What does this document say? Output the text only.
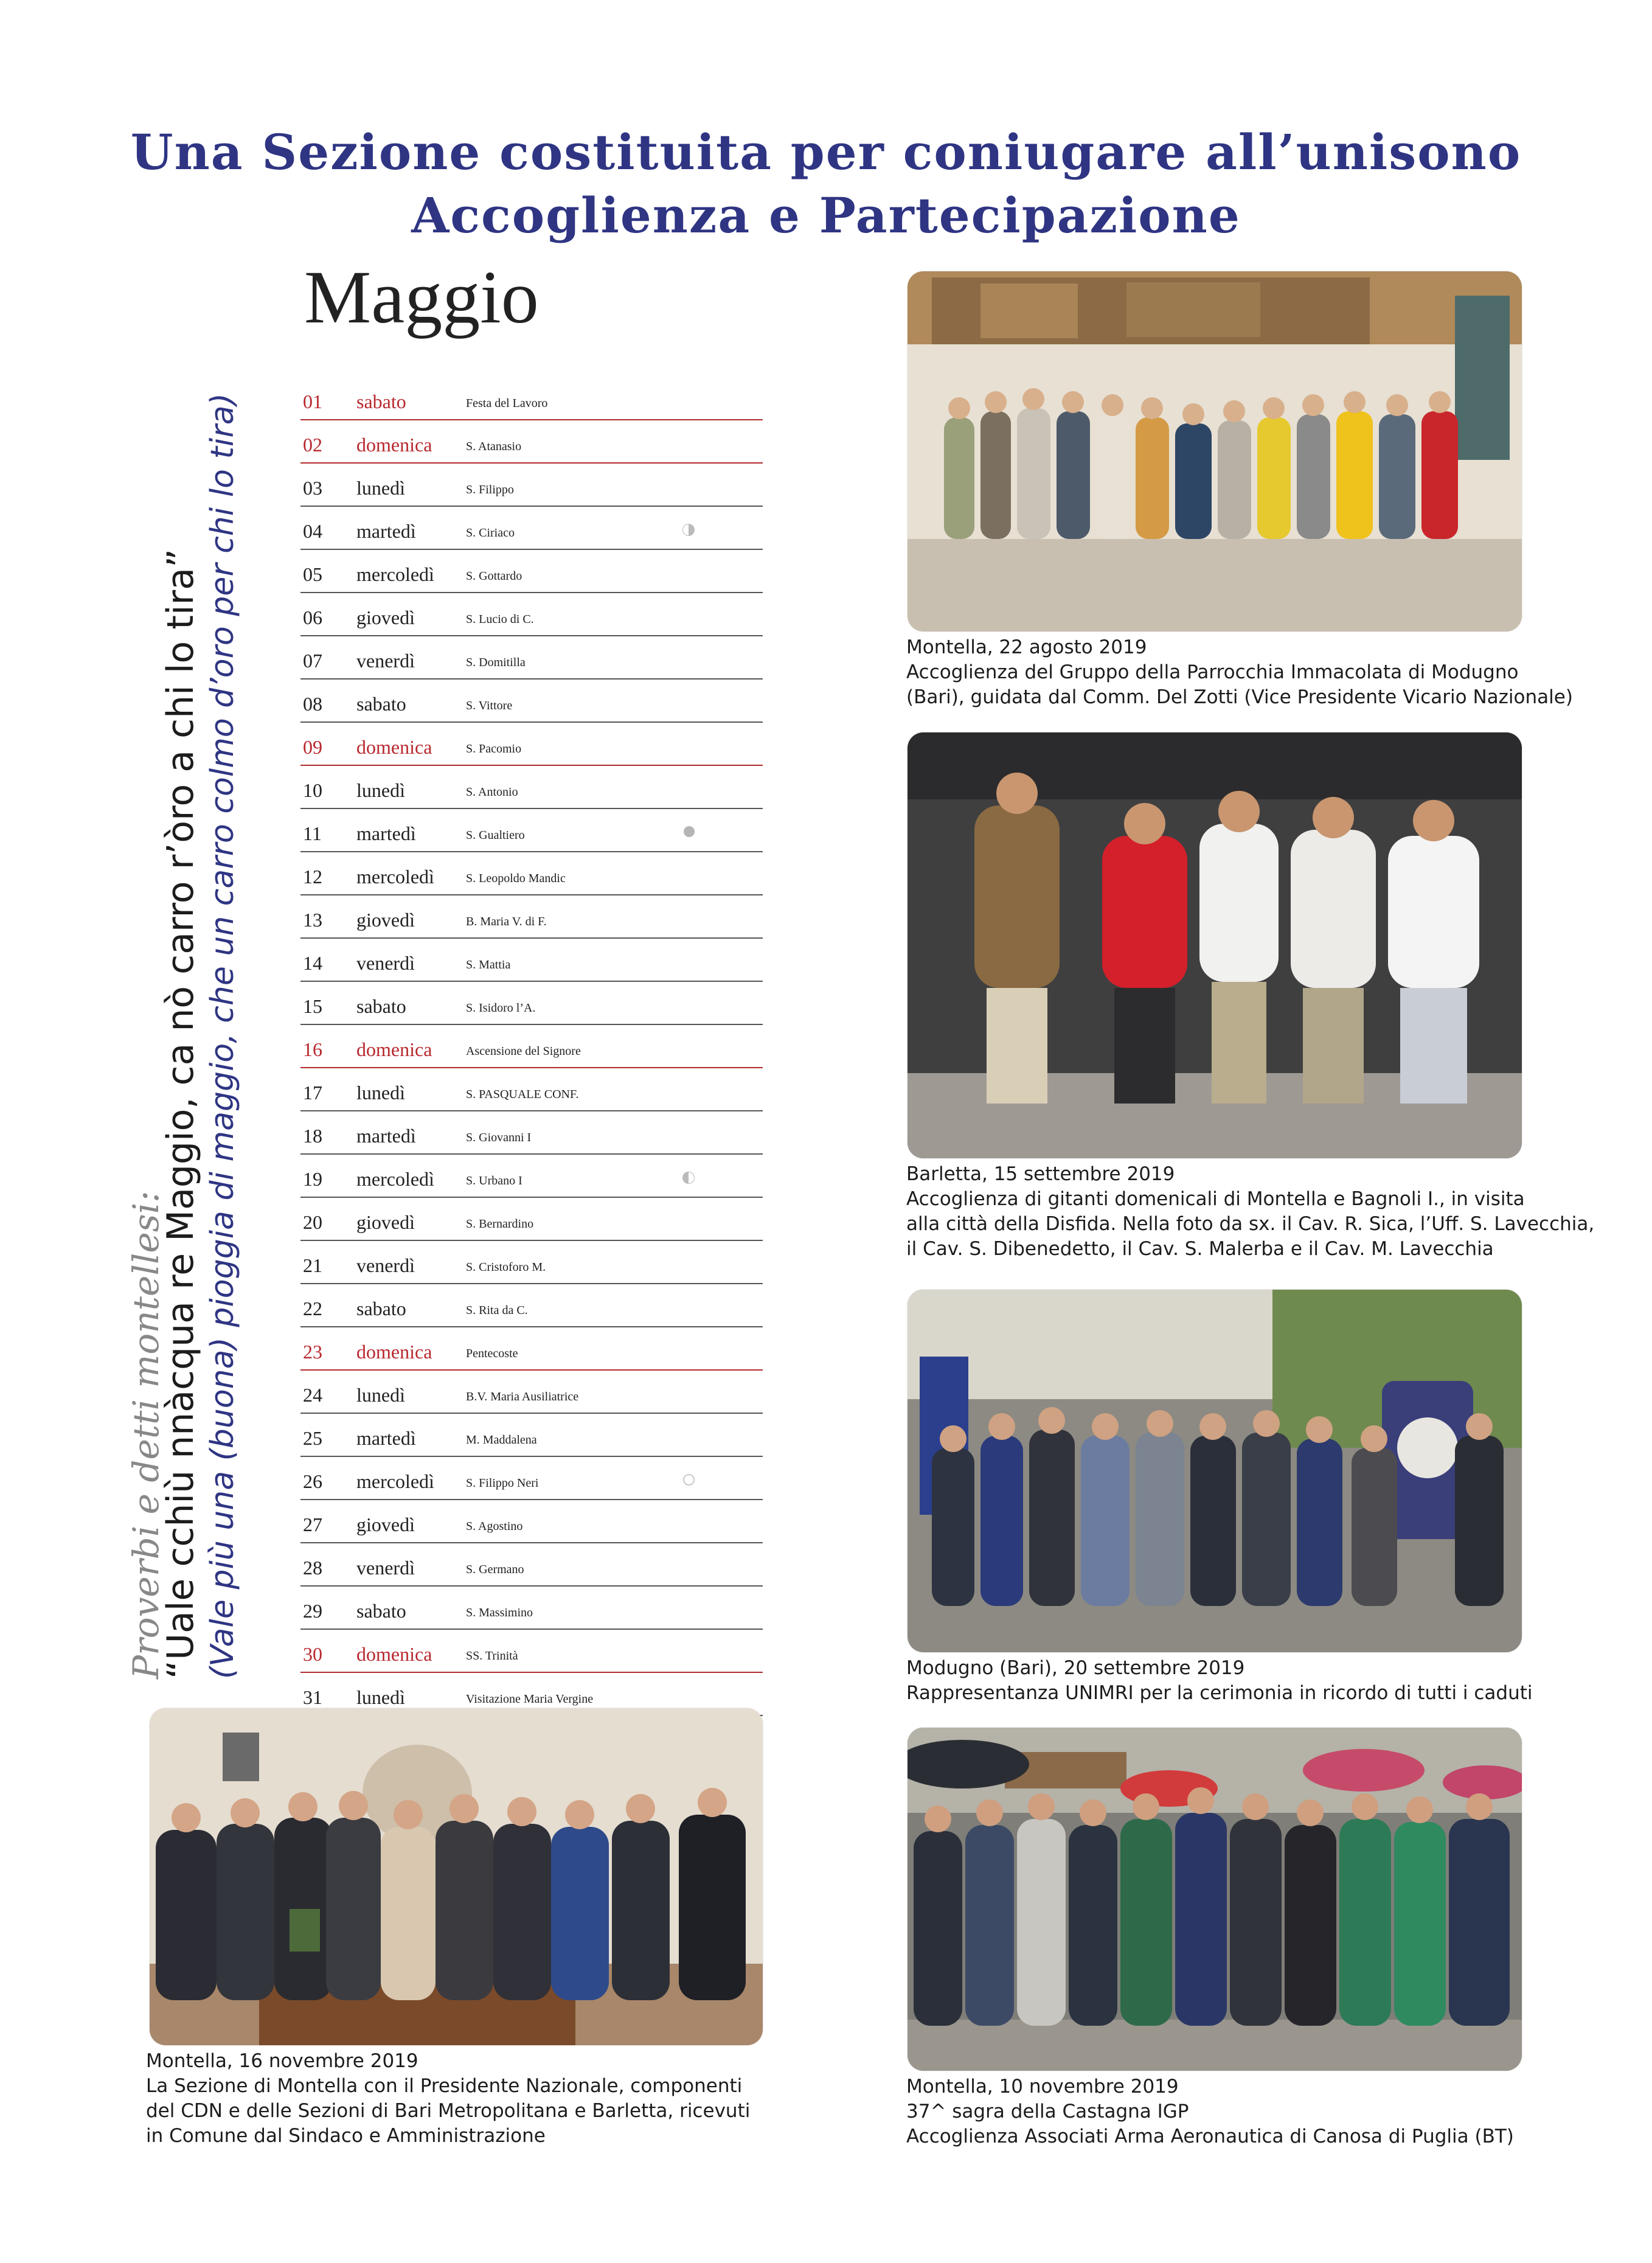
Una Sezione costituita per coniugare all’unisono
Accoglienza e Partecipazione
Maggio
01 sabato	Festa del Lavoro
02 domenica	S. Atanasio
03 lunedì	S. Filippo
04 martedì	S. Ciriaco
05 mercoledì	S. Gottardo
06 giovedì	S. Lucio di C.
07 venerdì	S. Domitilla
08 sabato	S. Vittore
09 domenica	S. Pacomio
10 lunedì	S. Antonio
11 martedì	S. Gualtiero
12 mercoledì	S. Leopoldo Mandic
13 giovedì	B. Maria V. di F.
14 venerdì	S. Mattia
15 sabato	S. Isidoro l’A.
16 domenica	Ascensione del Signore
17 lunedì	S. PASQUALE CONF.
18 martedì	S. Giovanni I
19 mercoledì	S. Urbano I
20 giovedì	S. Bernardino
21 venerdì	S. Cristoforo M.
22 sabato	S. Rita da C.
23 domenica	Pentecoste
24 lunedì	B.V. Maria Ausiliatrice
25 martedì	M. Maddalena
26 mercoledì	S. Filippo Neri
27 giovedì	S. Agostino
28 venerdì	S. Germano
29 sabato	S. Massimino
30 domenica	SS. Trinità
31 lunedì	Visitazione Maria Vergine
Proverbi e detti montellesi:
“Uale cchiù nnàcqua re Maggio, ca nò carro r’òro a chi lo tira” (Vale più una (buona) pioggia di maggio, che un carro colmo d’oro per chi lo tira)	Montella, 22 agosto 2019
Accoglienza del Gruppo della Parrocchia Immacolata di Modugno
(Bari), guidata dal Comm. Del Zotti (Vice Presidente Vicario Nazionale)
Barletta, 15 settembre 2019
Accoglienza di gitanti domenicali di Montella e Bagnoli I., in visita
alla città della Disfida. Nella foto da sx. il Cav. R. Sica, l’Uff. S. Lavecchia,
il Cav. S. Dibenedetto, il Cav. S. Malerba e il Cav. M. Lavecchia
Modugno (Bari), 20 settembre 2019
Rappresentanza UNIMRI per la cerimonia in ricordo di tutti i caduti
Montella, 16 novembre 2019
La Sezione di Montella con il Presidente Nazionale, componenti
del CDN e delle Sezioni di Bari Metropolitana e Barletta, ricevuti
in Comune dal Sindaco e Amministrazione
Montella, 10 novembre 2019
37^ sagra della Castagna IGP
Accoglienza Associati Arma Aeronautica di Canosa di Puglia (BT)
